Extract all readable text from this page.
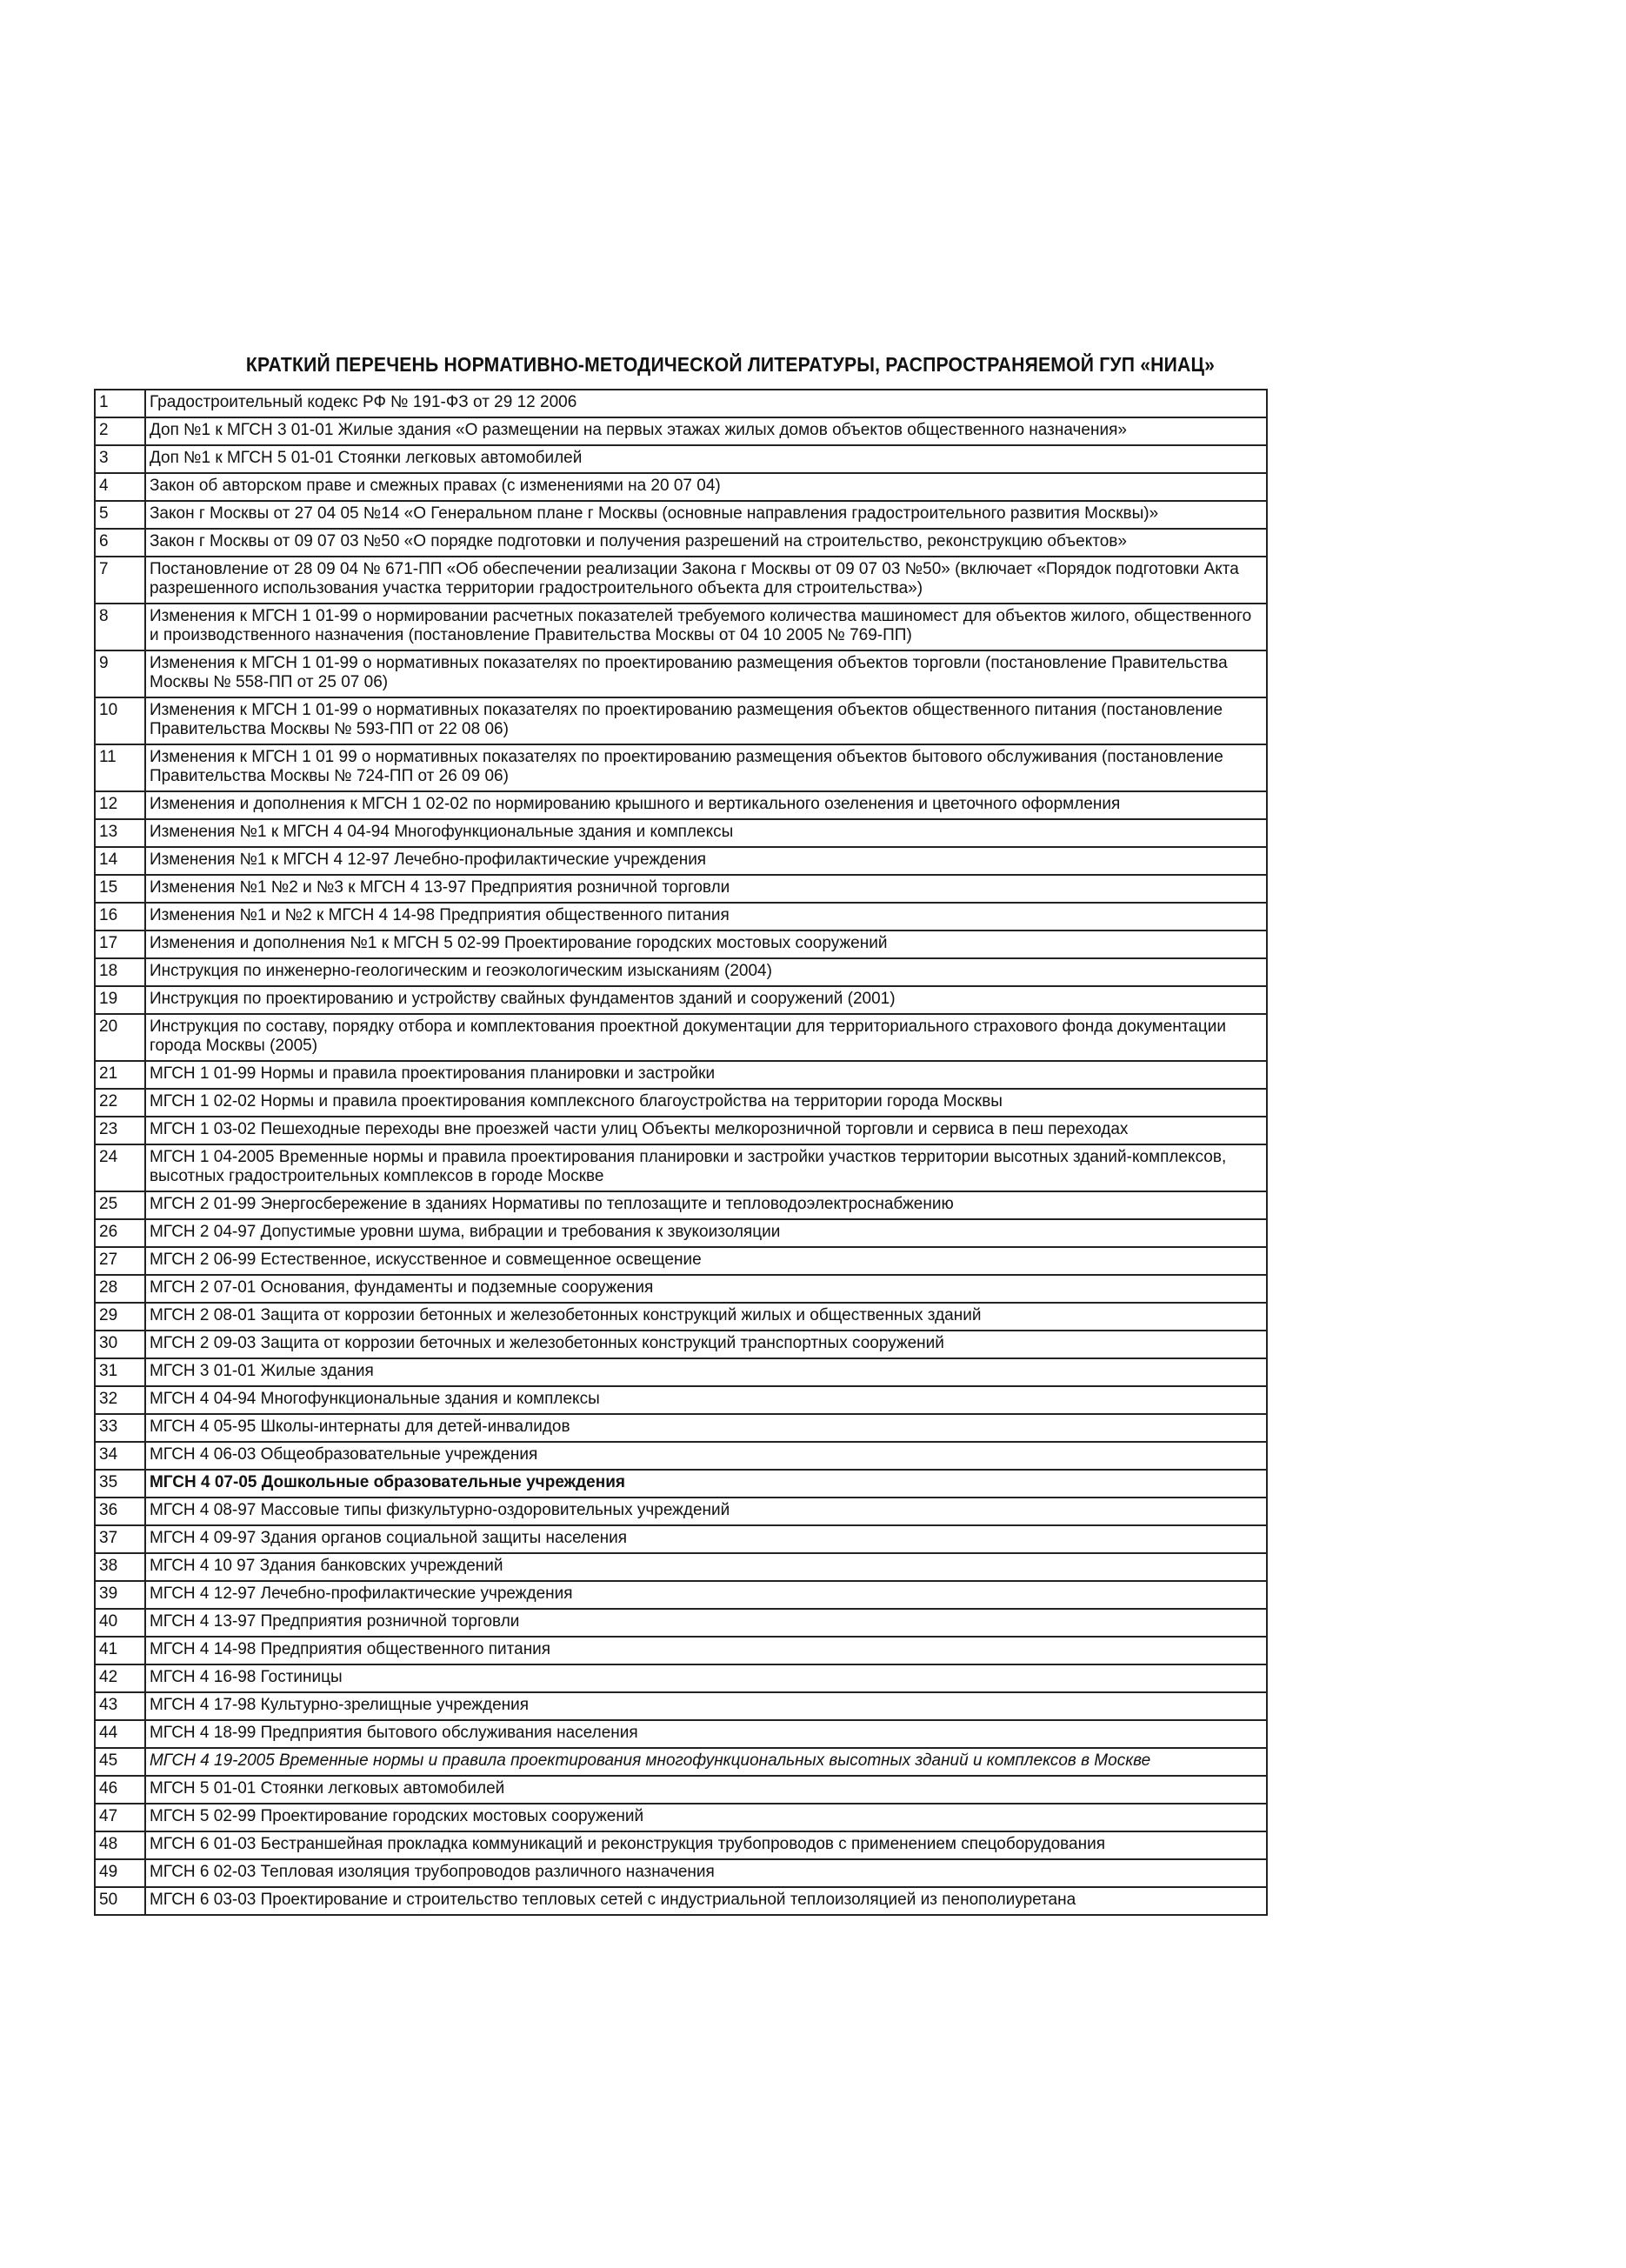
КРАТКИЙ ПЕРЕЧЕНЬ НОРМАТИВНО-МЕТОДИЧЕСКОЙ ЛИТЕРАТУРЫ, РАСПРОСТРАНЯЕМОЙ ГУП «НИАЦ»
1	Градостроительный кодекс РФ № 191-ФЗ от 29 12 2006
2	Доп №1 к МГСН 3 01-01 Жилые здания «О размещении на первых этажах жилых домов объектов общественного назначения»
3	Доп №1 к МГСН 5 01-01 Стоянки легковых автомобилей
4	Закон об авторском праве и смежных правах (с изменениями на 20 07 04)
5	Закон г Москвы от 27 04 05 №14 «О Генеральном плане г Москвы (основные направления градостроительного развития Москвы)»
6	Закон г Москвы от 09 07 03 №50 «О порядке подготовки и получения разрешений на строительство, реконструкцию объектов»
7	Постановление от 28 09 04 № 671-ПП «Об обеспечении реализации Закона г Москвы от 09 07 03 №50» (включает «Порядок подготовки Акта разрешенного использования участка территории градостроительного объекта для строительства»)
8	Изменения к МГСН 1 01-99 о нормировании расчетных показателей требуемого количества машиномест для объектов жилого, общественного и производственного назначения (постановление Правительства Москвы от 04 10 2005 № 769-ПП)
9	Изменения к МГСН 1 01-99 о нормативных показателях по проектированию размещения объектов торговли (постановление Правительства Москвы № 558-ПП от 25 07 06)
10	Изменения к МГСН 1 01-99 о нормативных показателях по проектированию размещения объектов общественного питания (постановление Правительства Москвы № 593-ПП от 22 08 06)
11	Изменения к МГСН 1 01 99 о нормативных показателях по проектированию размещения объектов бытового обслуживания (постановление Правительства Москвы № 724-ПП от 26 09 06)
12	Изменения и дополнения к МГСН 1 02-02 по нормированию крышного и вертикального озеленения и цветочного оформления
13	Изменения №1 к МГСН 4 04-94 Многофункциональные здания и комплексы
14	Изменения №1 к МГСН 4 12-97 Лечебно-профилактические учреждения
15	Изменения №1 №2 и №3 к МГСН 4 13-97 Предприятия розничной торговли
16	Изменения №1 и №2 к МГСН 4 14-98 Предприятия общественного питания
17	Изменения и дополнения №1 к МГСН 5 02-99 Проектирование городских мостовых сооружений
18	Инструкция по инженерно-геологическим и геоэкологическим изысканиям (2004)
19	Инструкция по проектированию и устройству свайных фундаментов зданий и сооружений (2001)
20	Инструкция по составу, порядку отбора и комплектования проектной документации для территориального страхового фонда документации города Москвы (2005)
21	МГСН 1 01-99 Нормы и правила проектирования планировки и застройки
22	МГСН 1 02-02 Нормы и правила проектирования комплексного благоустройства на территории города Москвы
23	МГСН 1 03-02 Пешеходные переходы вне проезжей части улиц Объекты мелкорозничной торговли и сервиса в пеш переходах
24	МГСН 1 04-2005 Временные нормы и правила проектирования планировки и застройки участков территории высотных зданий-комплексов, высотных градостроительных комплексов в городе Москве
25	МГСН 2 01-99 Энергосбережение в зданиях Нормативы по теплозащите и тепловодоэлектроснабжению
26	МГСН 2 04-97 Допустимые уровни шума, вибрации и требования к звукоизоляции
27	МГСН 2 06-99 Естественное, искусственное и совмещенное освещение
28	МГСН 2 07-01 Основания, фундаменты и подземные сооружения
29	МГСН 2 08-01 Защита от коррозии бетонных и железобетонных конструкций жилых и общественных зданий
30	МГСН 2 09-03 Защита от коррозии беточных и железобетонных конструкций транспортных сооружений
31	МГСН 3 01-01 Жилые здания
32	МГСН 4 04-94 Многофункциональные здания и комплексы
33	МГСН 4 05-95 Школы-интернаты для детей-инвалидов
34	МГСН 4 06-03 Общеобразовательные учреждения
35	МГСН 4 07-05 Дошкольные образовательные учреждения
36	МГСН 4 08-97 Массовые типы физкультурно-оздоровительных учреждений
37	МГСН 4 09-97 Здания органов социальной защиты населения
38	МГСН 4 10 97 Здания банковских учреждений
39	МГСН 4 12-97 Лечебно-профилактические учреждения
40	МГСН 4 13-97 Предприятия розничной торговли
41	МГСН 4 14-98 Предприятия общественного питания
42	МГСН 4 16-98 Гостиницы
43	МГСН 4 17-98 Культурно-зрелищные учреждения
44	МГСН 4 18-99 Предприятия бытового обслуживания населения
45	МГСН 4 19-2005 Временные нормы и правила проектирования многофункциональных высотных зданий и комплексов в Москве
46	МГСН 5 01-01 Стоянки легковых автомобилей
47	МГСН 5 02-99 Проектирование городских мостовых сооружений
48	МГСН 6 01-03 Бестраншейная прокладка коммуникаций и реконструкция трубопроводов с применением спецоборудования
49	МГСН 6 02-03 Тепловая изоляция трубопроводов различного назначения
50	МГСН 6 03-03 Проектирование и строительство тепловых сетей с индустриальной теплоизоляцией из пенополиуретана
